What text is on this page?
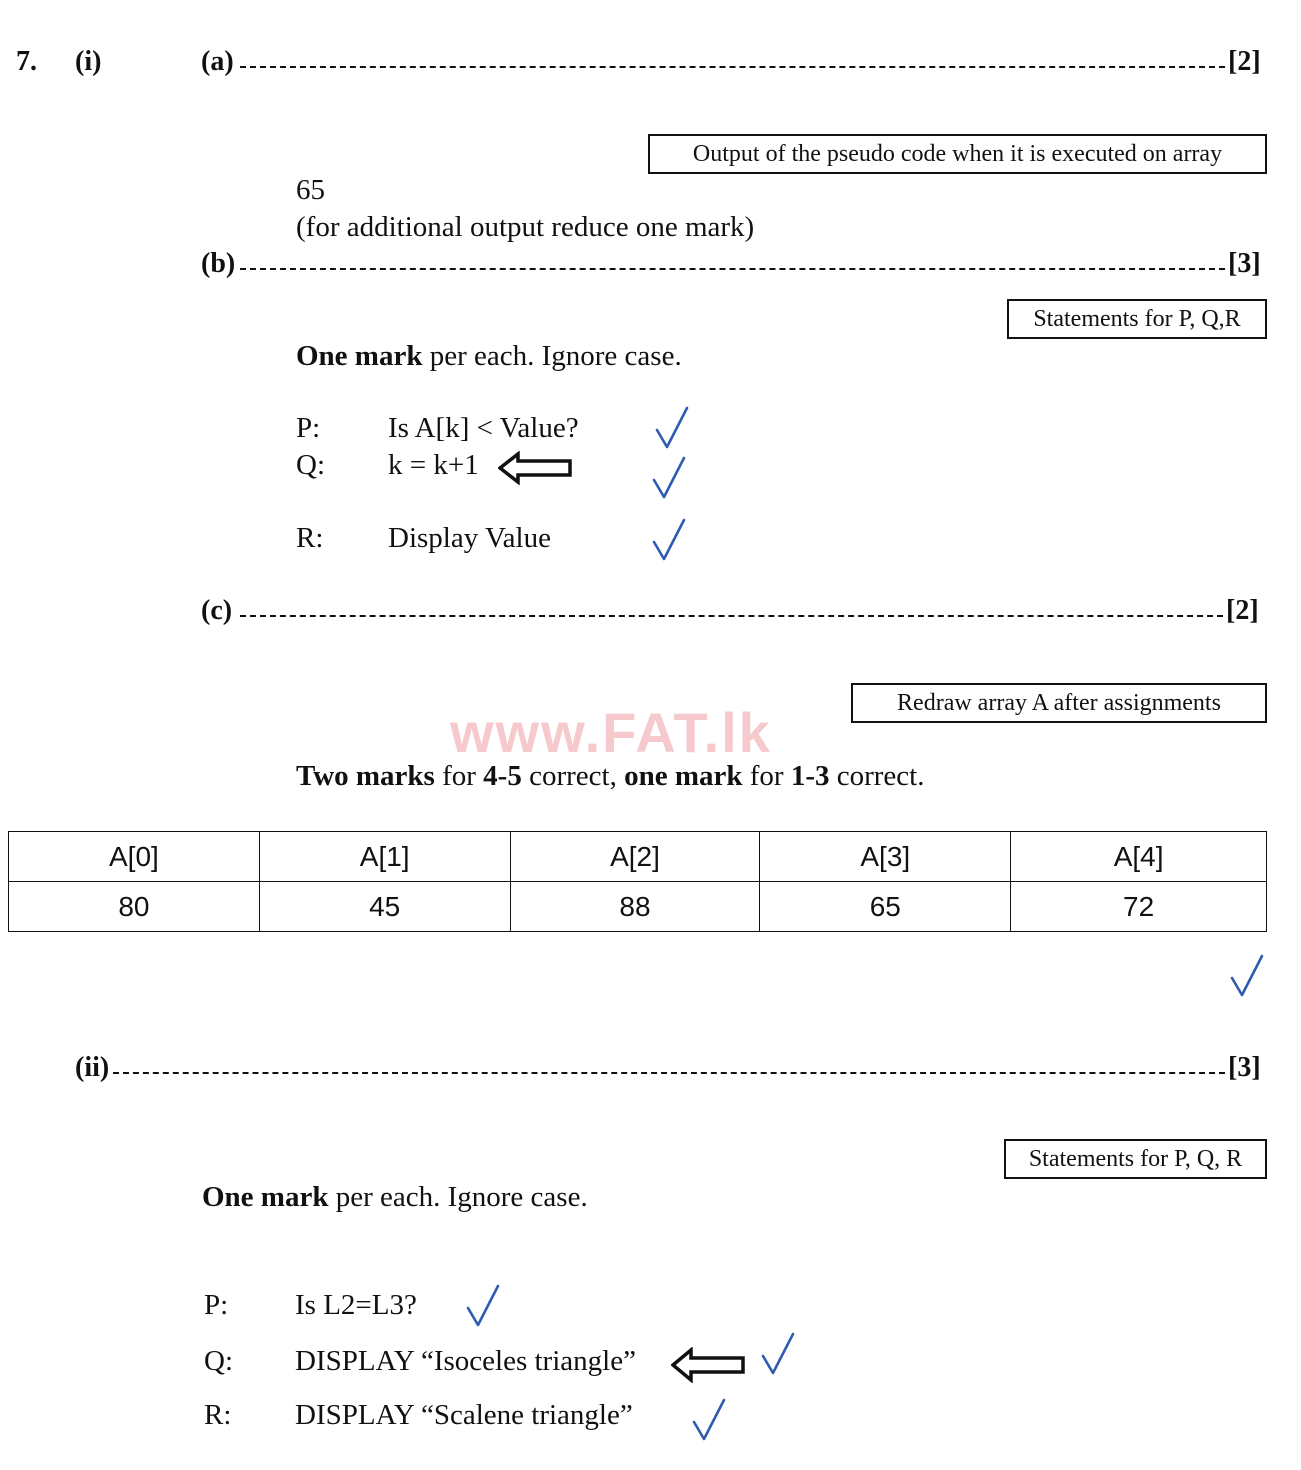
7. (i)	(a)	[2]
Output of the pseudo code when it is executed on array
65
(for additional output reduce one mark)
(b)	[3]
Statements for P, Q,R
One mark per each. Ignore case.
P: Is A[k] < Value?
Q: k = k+1
R: Display Value
(c)	[2]
Redraw array A after assignments
www.FAT.lk
Two marks for 4-5 correct, one mark for 1-3 correct.
A[0]	A[1]	A[2]	A[3]	A[4]
80	45	88	65	72
(ii)	[3]
Statements for P, Q, R
One mark per each. Ignore case.
P: Is L2=L3?
Q: DISPLAY “Isoceles triangle”
R: DISPLAY “Scalene triangle”
